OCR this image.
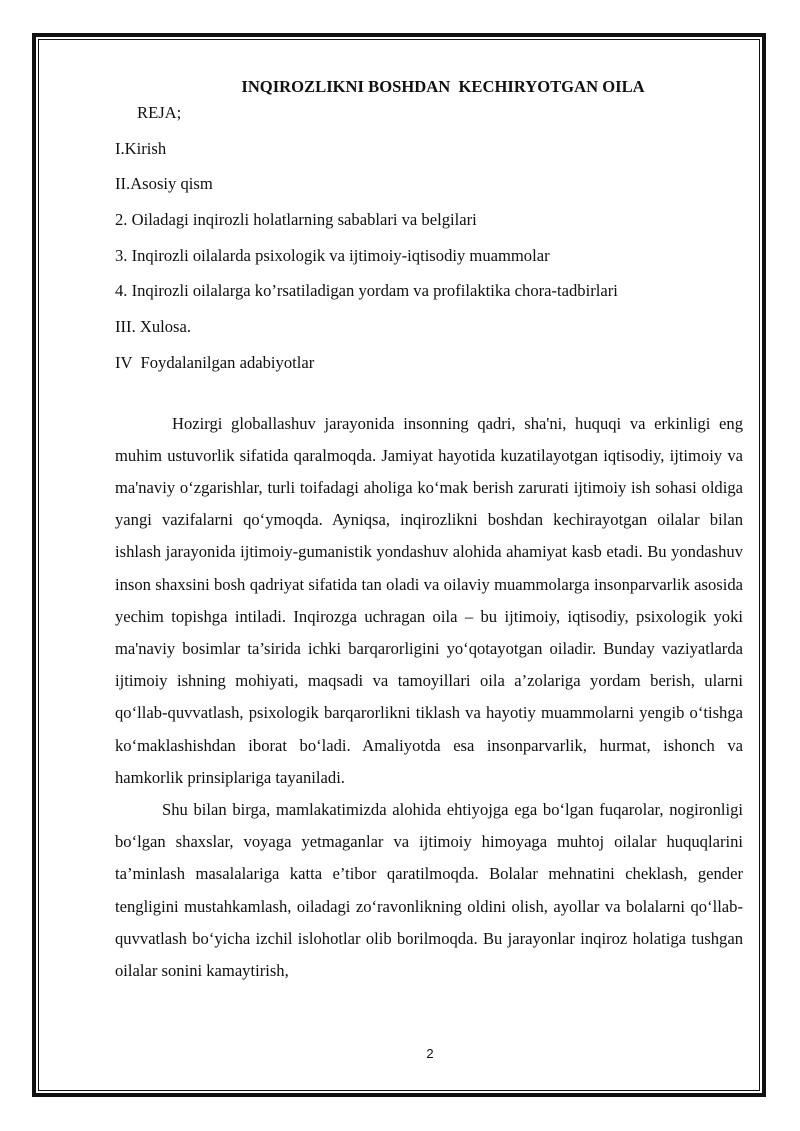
INQIROZLIKNI BOSHDAN  KECHIRYOTGAN OILA
REJA;
I.Kirish
II.Asosiy qism
2. Oiladagi inqirozli holatlarning sabablari va belgilari
3. Inqirozli oilalarda psixologik va ijtimoiy-iqtisodiy muammolar
4. Inqirozli oilalarga ko’rsatiladigan yordam va profilaktika chora-tadbirlari
III. Xulosa.
IV  Foydalanilgan adabiyotlar

Hozirgi globallashuv jarayonida insonning qadri, sha'ni, huquqi va erkinligi eng muhim ustuvorlik sifatida qaralmoqda. Jamiyat hayotida kuzatilayotgan iqtisodiy, ijtimoiy va ma'naviy o‘zgarishlar, turli toifadagi aholiga ko‘mak berish zarurati ijtimoiy ish sohasi oldiga yangi vazifalarni qo‘ymoqda. Ayniqsa, inqirozlikni boshdan kechirayotgan oilalar bilan ishlash jarayonida ijtimoiy-gumanistik yondashuv alohida ahamiyat kasb etadi. Bu yondashuv inson shaxsini bosh qadriyat sifatida tan oladi va oilaviy muammolarga insonparvarlik asosida yechim topishga intiladi. Inqirozga uchragan oila – bu ijtimoiy, iqtisodiy, psixologik yoki ma'naviy bosimlar ta’sirida ichki barqarorligini yo‘qotayotgan oiladir. Bunday vaziyatlarda ijtimoiy ishning mohiyati, maqsadi va tamoyillari oila a’zolariga yordam berish, ularni qo‘llab-quvvatlash, psixologik barqarorlikni tiklash va hayotiy muammolarni yengib o‘tishga ko‘maklashishdan iborat bo‘ladi. Amaliyotda esa insonparvarlik, hurmat, ishonch va hamkorlik prinsiplariga tayaniladi.

Shu bilan birga, mamlakatimizda alohida ehtiyojga ega bo‘lgan fuqarolar, nogironligi bo‘lgan shaxslar, voyaga yetmaganlar va ijtimoiy himoyaga muhtoj oilalar huquqlarini ta’minlash masalalariga katta e’tibor qaratilmoqda. Bolalar mehnatini cheklash, gender tengligini mustahkamlash, oiladagi zo‘ravonlikning oldini olish, ayollar va bolalarni qo‘llab-quvvatlash bo‘yicha izchil islohotlar olib borilmoqda. Bu jarayonlar inqiroz holatiga tushgan oilalar sonini kamaytirish,

2
